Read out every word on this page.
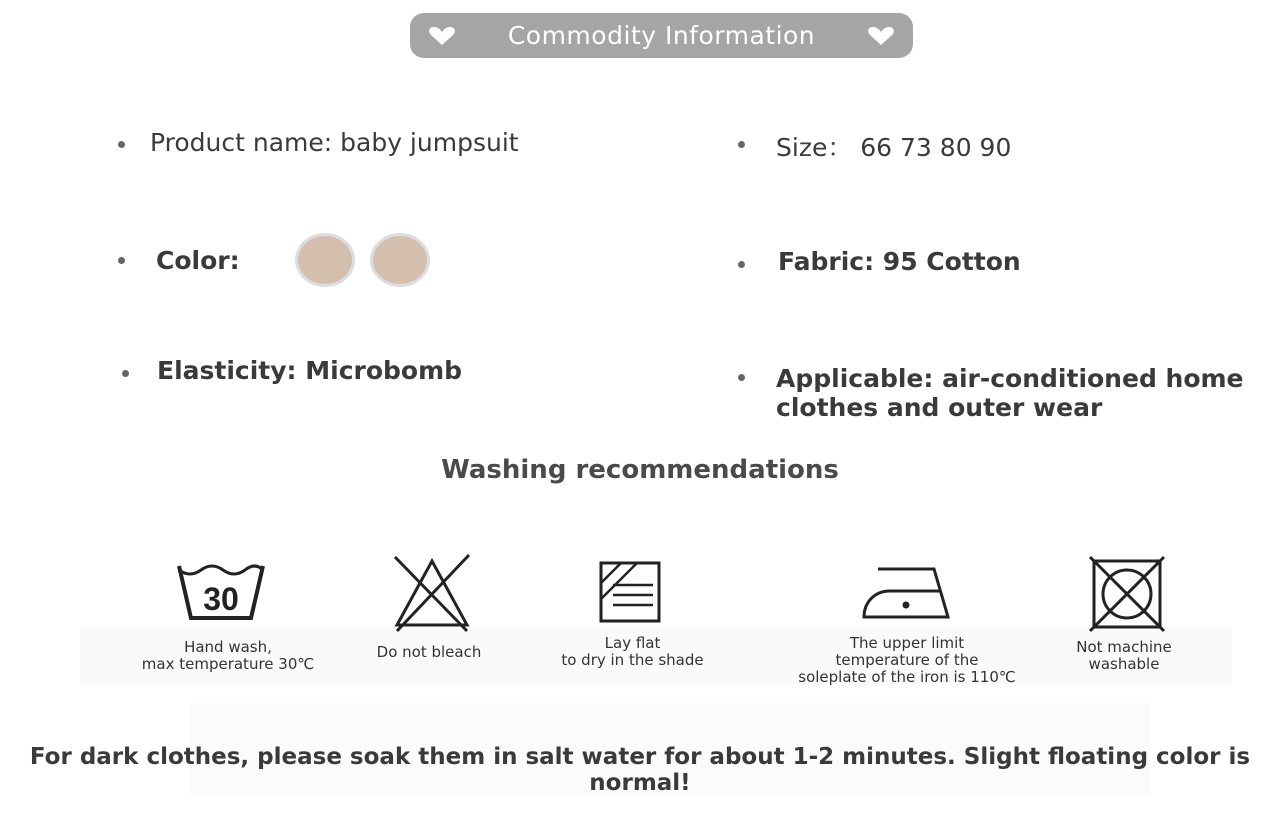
Commodity Information
Product name: baby jumpsuit
Color:
Elasticity: Microbomb
Size： 66 73 80 90
Fabric: 95 Cotton
Applicable: air-conditioned home
clothes and outer wear
Washing recommendations
30
Hand wash,
max temperature 30℃
Do not bleach	Lay flat
to dry in the shade
The upper limit
temperature of the
soleplate of the iron is 110℃
Not machine
washable
For dark clothes, please soak them in salt water for about 1-2 minutes. Slight floating color is normal!
